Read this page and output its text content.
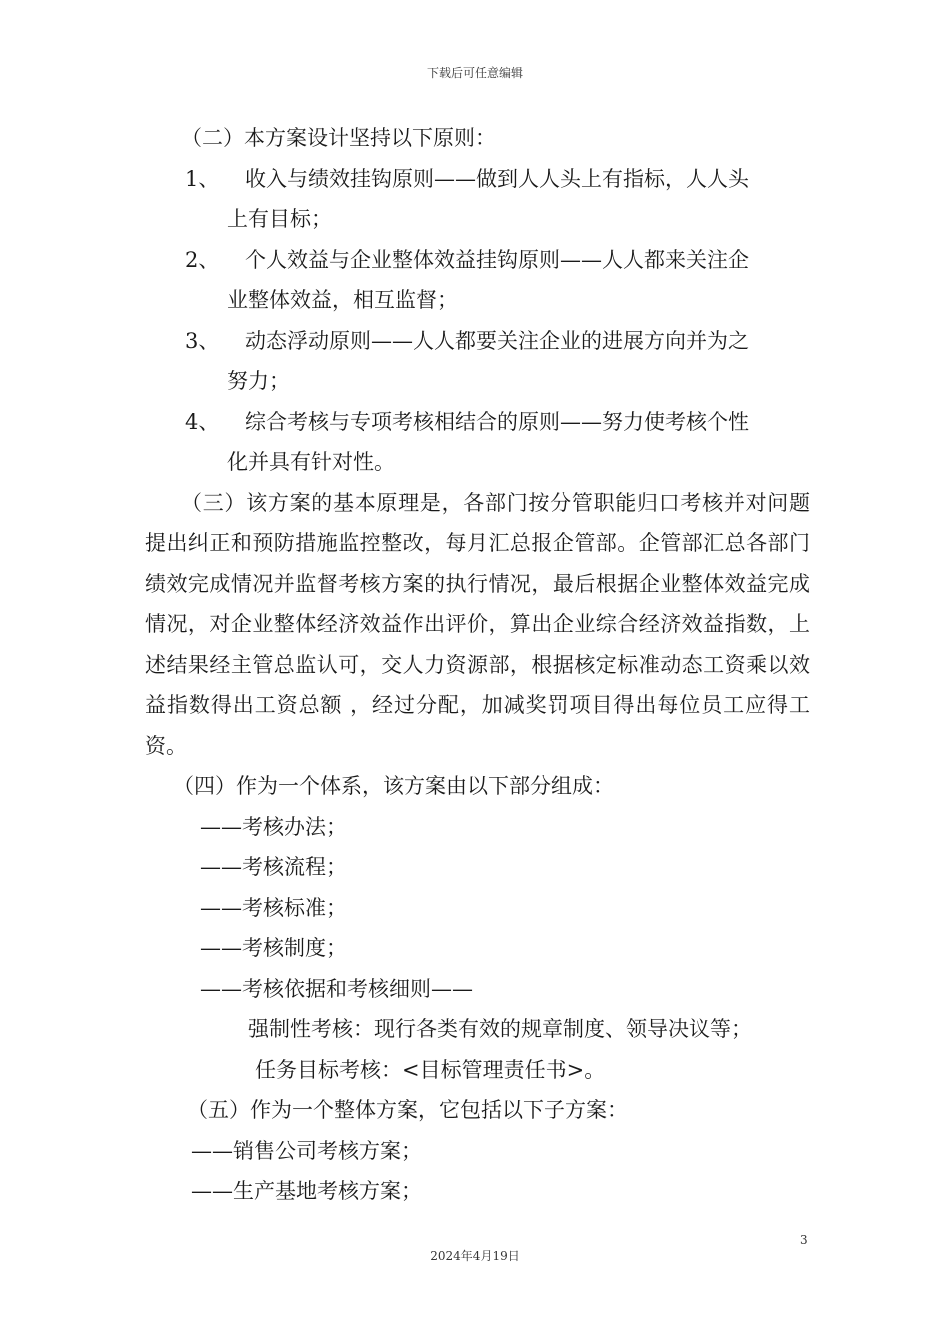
下载后可任意编辑

（二）本方案设计坚持以下原则：

1、 收入与绩效挂钩原则——做到人人头上有指标，人人头

上有目标；

2、 个人效益与企业整体效益挂钩原则——人人都来关注企

业整体效益，相互监督；

3、 动态浮动原则——人人都要关注企业的进展方向并为之

努力；

4、 综合考核与专项考核相结合的原则——努力使考核个性

化并具有针对性。

（三）该方案的基本原理是，各部门按分管职能归口考核并对问题提出纠正和预防措施监控整改，每月汇总报企管部。企管部汇总各部门绩效完成情况并监督考核方案的执行情况，最后根据企业整体效益完成情况，对企业整体经济效益作出评价，算出企业综合经济效益指数，上述结果经主管总监认可，交人力资源部，根据核定标准动态工资乘以效益指数得出工资总额 ，经过分配，加减奖罚项目得出每位员工应得工资。

（四）作为一个体系，该方案由以下部分组成：

——考核办法；

——考核流程；

——考核标准；

——考核制度；

——考核依据和考核细则——

强制性考核：现行各类有效的规章制度、领导决议等；

任务目标考核：<目标管理责任书>。

（五）作为一个整体方案，它包括以下子方案：

——销售公司考核方案；

——生产基地考核方案；

3
2024年4月19日
